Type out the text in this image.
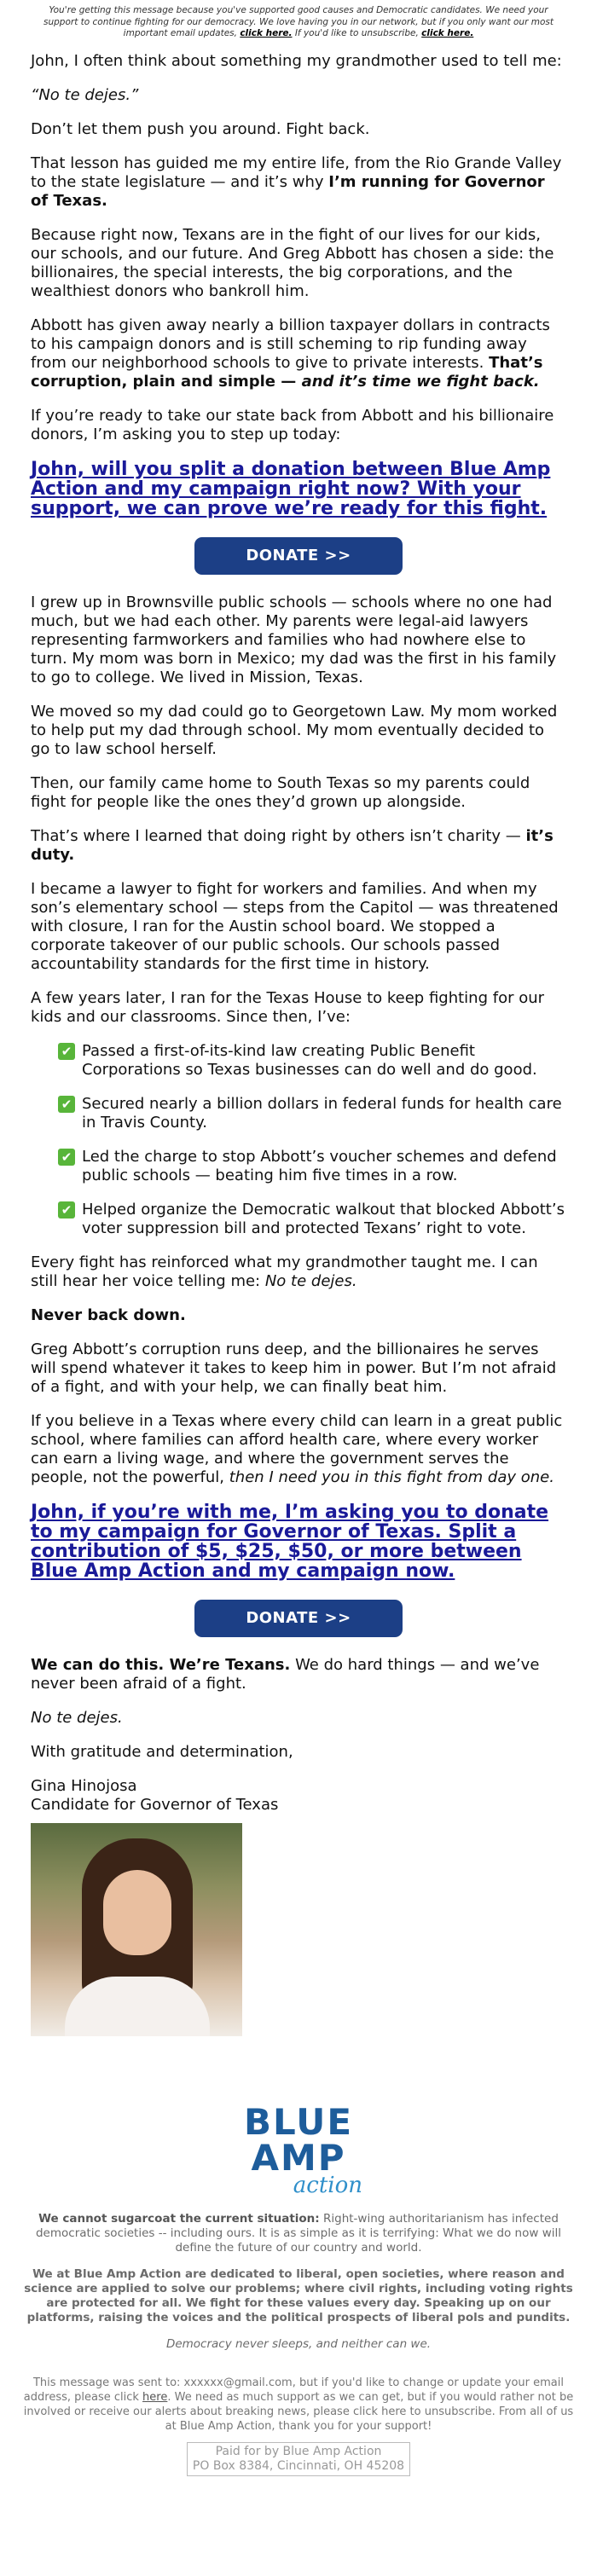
You're getting this message because you've supported good causes and Democratic candidates. We need your support to continue fighting for our democracy. We love having you in our network, but if you only want our most important email updates, click here. If you'd like to unsubscribe, click here.

John, I often think about something my grandmother used to tell me:

“No te dejes.”

Don’t let them push you around. Fight back.

That lesson has guided me my entire life, from the Rio Grande Valley to the state legislature — and it’s why I’m running for Governor of Texas.

Because right now, Texans are in the fight of our lives for our kids, our schools, and our future. And Greg Abbott has chosen a side: the billionaires, the special interests, the big corporations, and the wealthiest donors who bankroll him.

Abbott has given away nearly a billion taxpayer dollars in contracts to his campaign donors and is still scheming to rip funding away from our neighborhood schools to give to private interests. That’s corruption, plain and simple — and it’s time we fight back.

If you’re ready to take our state back from Abbott and his billionaire donors, I’m asking you to step up today:

John, will you split a donation between Blue Amp Action and my campaign right now? With your support, we can prove we’re ready for this fight.
DONATE >>

I grew up in Brownsville public schools — schools where no one had much, but we had each other. My parents were legal-aid lawyers representing farmworkers and families who had nowhere else to turn. My mom was born in Mexico; my dad was the first in his family to go to college. We lived in Mission, Texas.

We moved so my dad could go to Georgetown Law. My mom worked to help put my dad through school. My mom eventually decided to go to law school herself.

Then, our family came home to South Texas so my parents could fight for people like the ones they’d grown up alongside.

That’s where I learned that doing right by others isn’t charity — it’s duty.

I became a lawyer to fight for workers and families. And when my son’s elementary school — steps from the Capitol — was threatened with closure, I ran for the Austin school board. We stopped a corporate takeover of our public schools. Our schools passed accountability standards for the first time in history.

A few years later, I ran for the Texas House to keep fighting for our kids and our classrooms. Since then, I’ve:

✔ Passed a first-of-its-kind law creating Public Benefit Corporations so Texas businesses can do well and do good.
✔ Secured nearly a billion dollars in federal funds for health care in Travis County.
✔ Led the charge to stop Abbott’s voucher schemes and defend public schools — beating him five times in a row.
✔ Helped organize the Democratic walkout that blocked Abbott’s voter suppression bill and protected Texans’ right to vote.

Every fight has reinforced what my grandmother taught me. I can still hear her voice telling me: No te dejes.

Never back down.

Greg Abbott’s corruption runs deep, and the billionaires he serves will spend whatever it takes to keep him in power. But I’m not afraid of a fight, and with your help, we can finally beat him.

If you believe in a Texas where every child can learn in a great public school, where families can afford health care, where every worker can earn a living wage, and where the government serves the people, not the powerful, then I need you in this fight from day one.

John, if you’re with me, I’m asking you to donate to my campaign for Governor of Texas. Split a contribution of $5, $25, $50, or more between Blue Amp Action and my campaign now.
DONATE >>

We can do this. We’re Texans. We do hard things — and we’ve never been afraid of a fight.

No te dejes.

With gratitude and determination,

Gina Hinojosa
Candidate for Governor of Texas

BLUE AMP
action

We cannot sugarcoat the current situation: Right-wing authoritarianism has infected democratic societies -- including ours. It is as simple as it is terrifying: What we do now will define the future of our country and world.

We at Blue Amp Action are dedicated to liberal, open societies, where reason and science are applied to solve our problems; where civil rights, including voting rights are protected for all. We fight for these values every day. Speaking up on our platforms, raising the voices and the political prospects of liberal pols and pundits.

Democracy never sleeps, and neither can we.

This message was sent to: xxxxxx@gmail.com, but if you'd like to change or update your email address, please click here. We need as much support as we can get, but if you would rather not be involved or receive our alerts about breaking news, please click here to unsubscribe. From all of us at Blue Amp Action, thank you for your support!

Paid for by Blue Amp Action
PO Box 8384, Cincinnati, OH 45208
